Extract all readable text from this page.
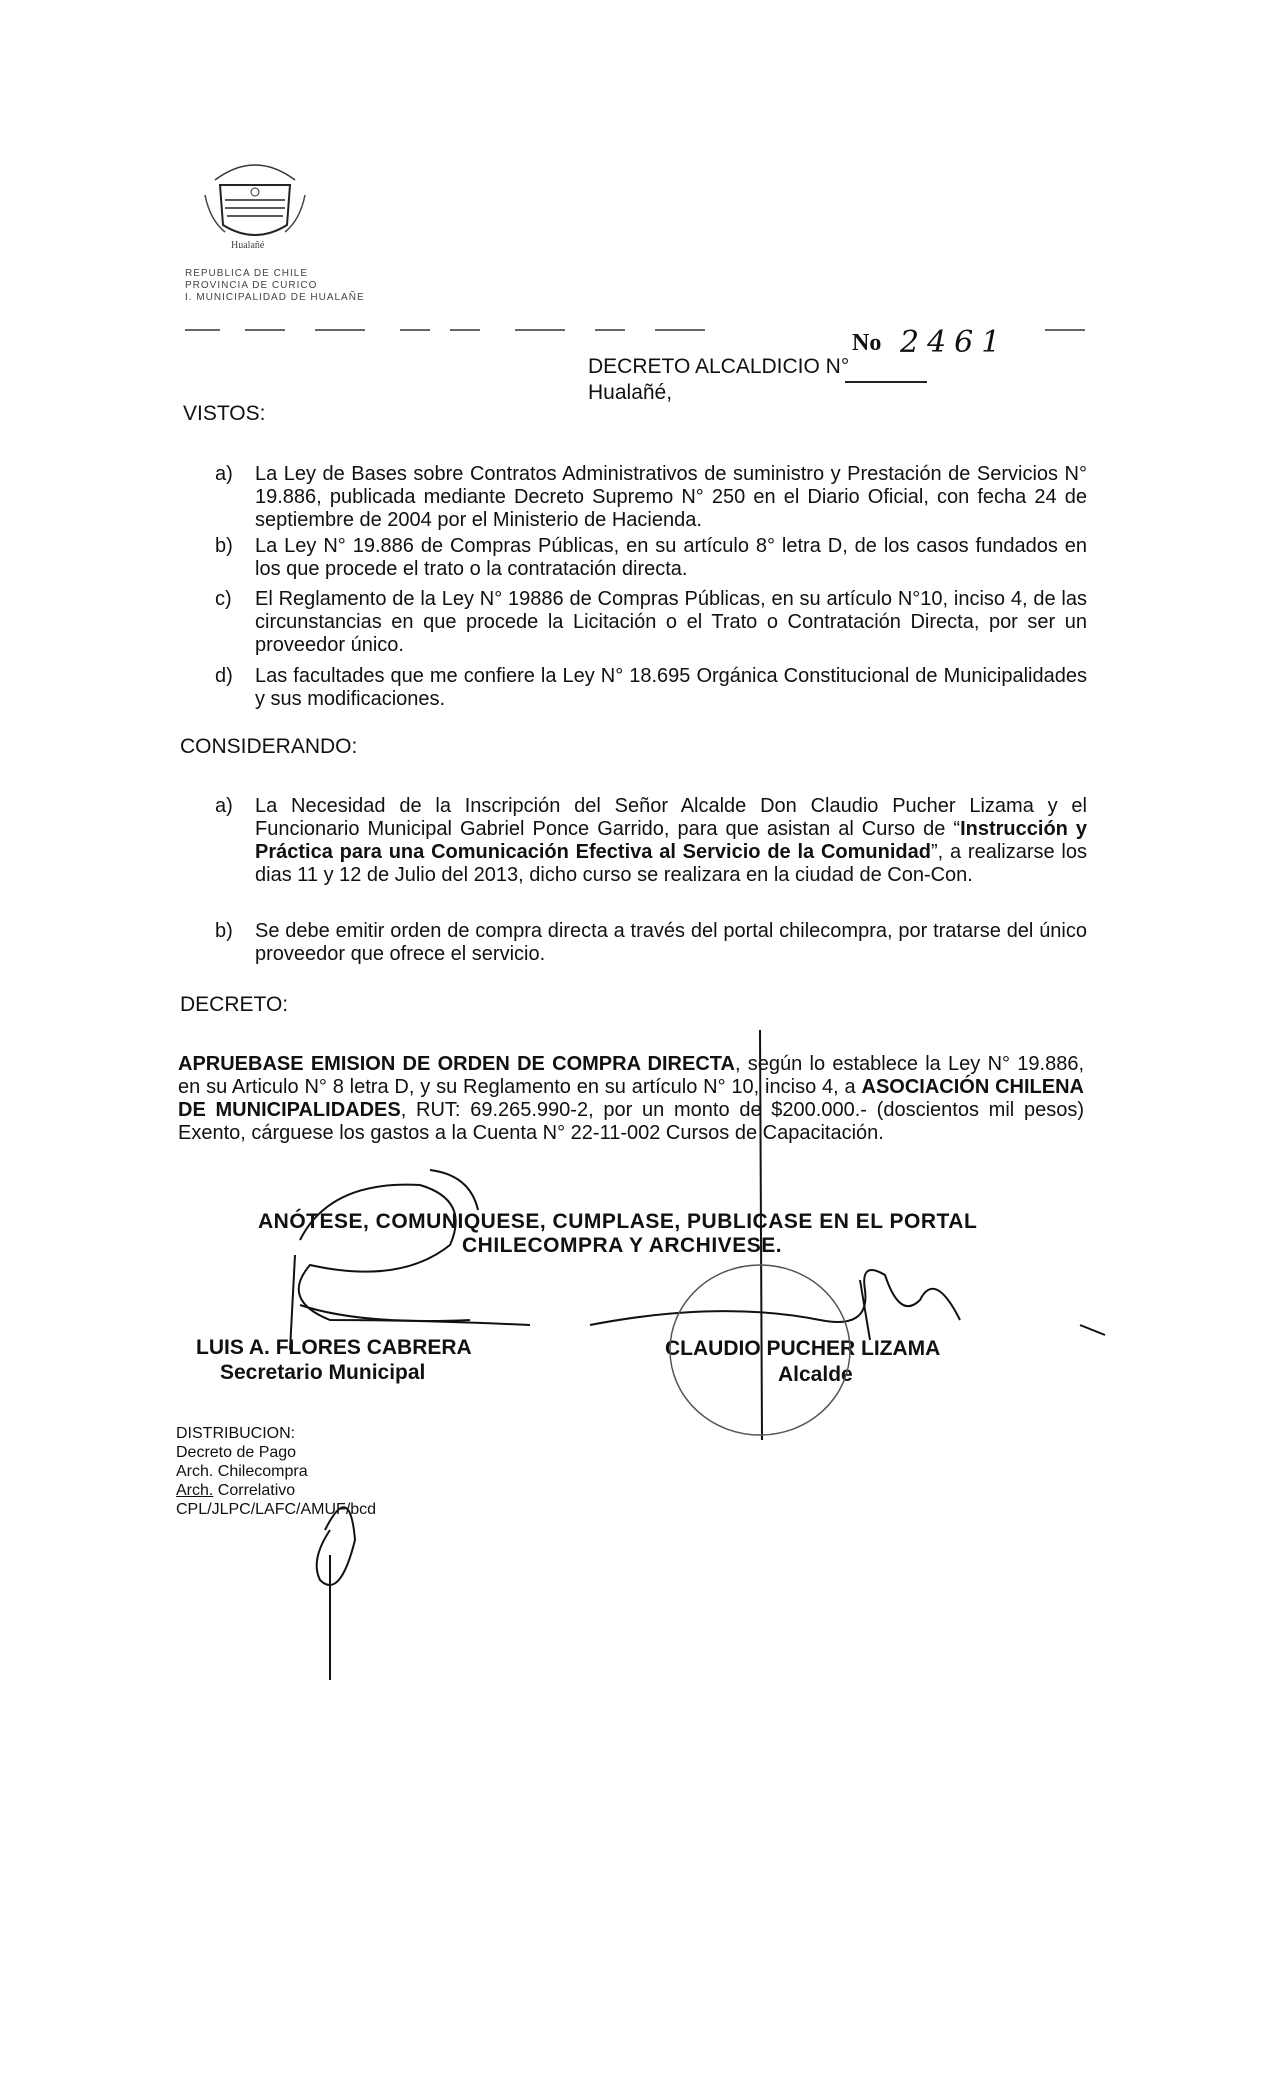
Hualañé
REPUBLICA DE CHILE
PROVINCIA DE CURICO
I. MUNICIPALIDAD DE HUALAÑE
No 2461
DECRETO ALCALDICIO N°
Hualañé,
VISTOS:
a) La Ley de Bases sobre Contratos Administrativos de suministro y Prestación de Servicios N° 19.886, publicada mediante Decreto Supremo N° 250 en el Diario Oficial, con fecha 24 de septiembre de 2004 por el Ministerio de Hacienda.
b) La Ley N° 19.886 de Compras Públicas, en su artículo 8° letra D, de los casos fundados en los que procede el trato o la contratación directa.
c) El Reglamento de la Ley N° 19886 de Compras Públicas, en su artículo N°10, inciso 4, de las circunstancias en que procede la Licitación o el Trato o Contratación Directa, por ser un proveedor único.
d) Las facultades que me confiere la Ley N° 18.695 Orgánica Constitucional de Municipalidades y sus modificaciones.
CONSIDERANDO:
a) La Necesidad de la Inscripción del Señor Alcalde Don Claudio Pucher Lizama y el Funcionario Municipal Gabriel Ponce Garrido, para que asistan al Curso de “Instrucción y Práctica para una Comunicación Efectiva al Servicio de la Comunidad”, a realizarse los dias 11 y 12 de Julio del 2013, dicho curso se realizara en la ciudad de Con-Con.
b) Se debe emitir orden de compra directa a través del portal chilecompra, por tratarse del único proveedor que ofrece el servicio.
DECRETO:
APRUEBASE EMISION DE ORDEN DE COMPRA DIRECTA, según lo establece la Ley N° 19.886, en su Articulo N° 8 letra D, y su Reglamento en su artículo N° 10, inciso 4, a ASOCIACIÓN CHILENA DE MUNICIPALIDADES, RUT: 69.265.990-2, por un monto de $200.000.- (doscientos mil pesos) Exento, cárguese los gastos a la Cuenta N° 22-11-002 Cursos de Capacitación.
ANÓTESE, COMUNIQUESE, CUMPLASE, PUBLICASE EN EL PORTAL
CHILECOMPRA Y ARCHIVESE.
LUIS A. FLORES CABRERA
Secretario Municipal
CLAUDIO PUCHER LIZAMA
Alcalde
DISTRIBUCION:
Decreto de Pago
Arch. Chilecompra
Arch. Correlativo
CPL/JLPC/LAFC/AMUF/bcd
